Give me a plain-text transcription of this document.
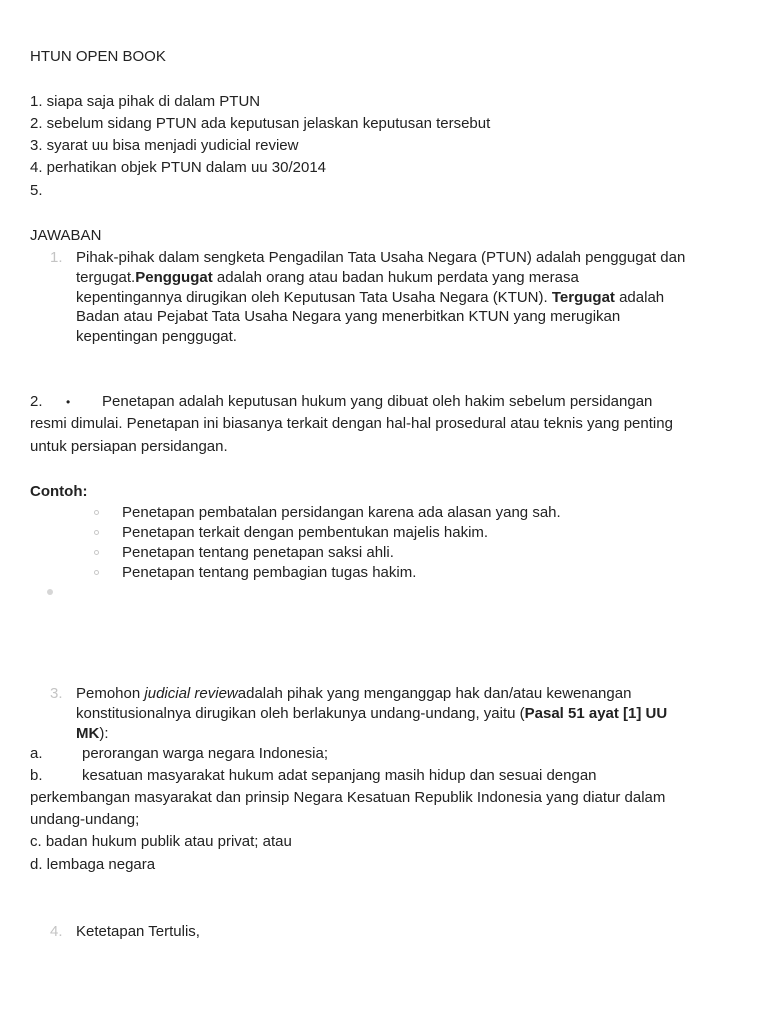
HTUN OPEN BOOK
1. siapa saja pihak di dalam PTUN
2. sebelum sidang PTUN ada keputusan jelaskan keputusan tersebut
3. syarat uu bisa menjadi yudicial review
4. perhatikan objek PTUN dalam uu 30/2014
5.
JAWABAN
1. Pihak-pihak dalam sengketa Pengadilan Tata Usaha Negara (PTUN) adalah penggugat dan
tergugat.Penggugat adalah orang atau badan hukum perdata yang merasa
kepentingannya dirugikan oleh Keputusan Tata Usaha Negara (KTUN). Tergugat adalah
Badan atau Pejabat Tata Usaha Negara yang menerbitkan KTUN yang merugikan
kepentingan penggugat.
2. • Penetapan adalah keputusan hukum yang dibuat oleh hakim sebelum persidangan
resmi dimulai. Penetapan ini biasanya terkait dengan hal-hal prosedural atau teknis yang penting
untuk persiapan persidangan.
Contoh:
Penetapan pembatalan persidangan karena ada alasan yang sah.
Penetapan terkait dengan pembentukan majelis hakim.
Penetapan tentang penetapan saksi ahli.
Penetapan tentang pembagian tugas hakim.
3. Pemohon judicial reviewadalah pihak yang menganggap hak dan/atau kewenangan
konstitusionalnya dirugikan oleh berlakunya undang-undang, yaitu (Pasal 51 ayat [1] UU
MK):
a.	perorangan warga negara Indonesia;
b.	kesatuan masyarakat hukum adat sepanjang masih hidup dan sesuai dengan
perkembangan masyarakat dan prinsip Negara Kesatuan Republik Indonesia yang diatur dalam
undang-undang;
c. badan hukum publik atau privat; atau
d. lembaga negara
4. Ketetapan Tertulis,
